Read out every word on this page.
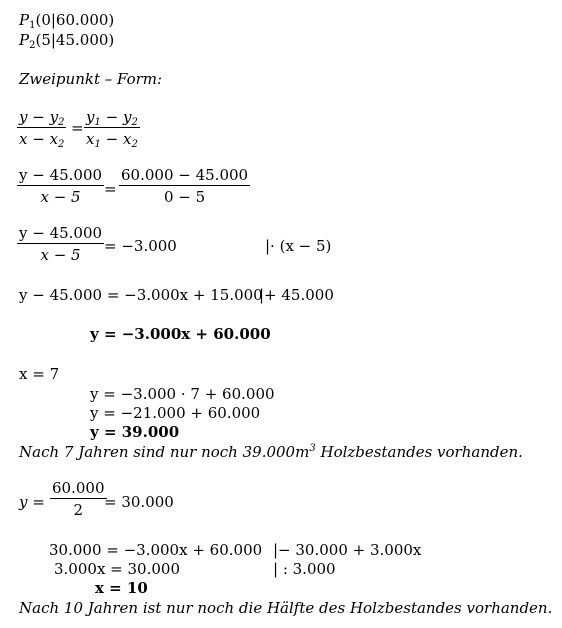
$P_1(0|60.000)$
$P_2(5|45.000)$
Zweipunkt – Form:
$y - y_2$
$x - x_2$
=
$y_1 - y_2$
$x_1 - x_2$
y − 45.000
x − 5	=
60.000 − 45.000
0 − 5
y − 45.000
x − 5	= −3.000	|· (x − 5)
y − 45.000 = −3.000x + 15.000
|+ 45.000
y = −3.000x + 60.000
x = 7
y = −3.000 · 7 + 60.000
y = −21.000 + 60.000
y = 39.000
Nach 7 Jahren sind nur noch $39.000m^3$ Holzbestandes vorhanden.
y =
60.000
2	= 30.000
30.000 = −3.000x + 60.000 |− 30.000 + 3.000x
3.000x = 30.000	| : 3.000
x = 10
Nach 10 Jahren ist nur noch die Hälfte des Holzbestandes vorhanden.
